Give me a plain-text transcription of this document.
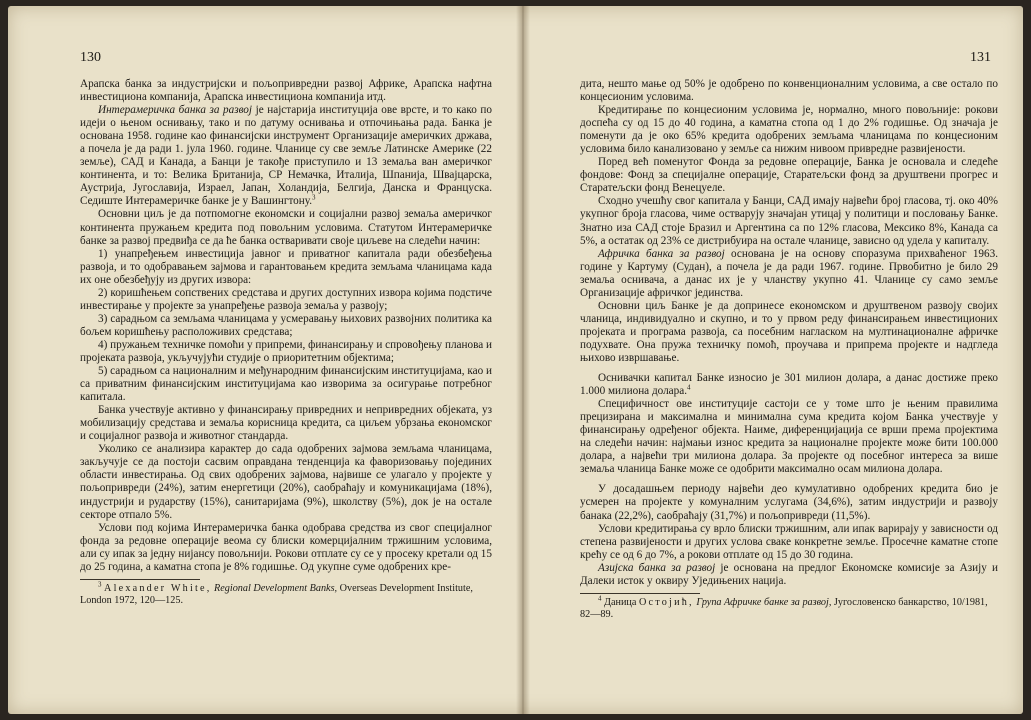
130

Арапска банка за индустријски и пољопривредни развој Африке, Арапска нафтна инвестициона компанија, Арапска инвестициона компанија итд.

Интерамеричка банка за развој је најстарија институција ове врсте, и то како по идеји о њеном оснивању, тако и по датуму оснивања и отпочињања рада. Банка је основана 1958. године као финансијски инструмент Организације америчких држава, а почела је да ради 1. јула 1960. године. Чланице су све земље Латинске Америке (22 земље), САД и Канада, а Банци је такође приступило и 13 земаља ван америчког континента, и то: Велика Британија, СР Немачка, Италија, Шпанија, Швајцарска, Аустрија, Југославија, Израел, Јапан, Холандија, Белгија, Данска и Француска. Седиште Интерамеричке банке је у Вашингтону.$^3$

Основни циљ је да потпомогне економски и социјални развој земаља америчког континента пружањем кредита под повољним условима. Статутом Интерамеричке банке за развој предвиђа се да ће банка остваривати своје циљеве на следећи начин:

1) унапређењем инвестиција јавног и приватног капитала ради обезбеђења развоја, и то одобравањем зајмова и гарантовањем кредита земљама чланицама када их оне обезбеђују из других извора:

2) коришћењем сопствених средстава и других доступних извора којима подстиче инвестирање у пројекте за унапређење развоја земаља у развоју;

3) сарадњом са земљама чланицама у усмеравању њихових развојних политика ка бољем коришћењу расположивих средстава;

4) пружањем техничке помоћи у припреми, финансирању и спровођењу планова и пројеката развоја, укључујући студије о приоритетним објектима;

5) сарадњом са националним и међународним финансијским институцијама, као и са приватним финансијским институцијама као изворима за осигурање потребног капитала.

Банка учествује активно у финансирању привредних и непривредних објеката, уз мобилизацију средстава и земаља корисница кредита, са циљем убрзања економског и социјалног развоја и животног стандарда.

Уколико се анализира карактер до сада одобрених зајмова земљама чланицама, закључује се да постоји сасвим оправдана тенденција ка фаворизовању појединих области инвестирања. Од свих одобрених зајмова, највише се улагало у пројекте у пољопривреди (24%), затим енергетици (20%), саобраћају и комуникацијама (18%), индустрији и рударству (15%), санитаријама (9%), школству (5%), док је на остале секторе отпало 5%.

Услови под којима Интерамеричка банка одобрава средства из свог специјалног фонда за редовне операције веома су блиски комерцијалним тржишним условима, али су ипак за једну нијансу повољнији. Рокови отплате су се у просеку кретали од 15 до 25 година, а каматна стопа је 8% годишње. Од укупне суме одобрених кре-

$^3$ Alexander White, Regional Development Banks, Overseas Development Institute, London 1972, 120—125.

131

дита, нешто мање од 50% је одобрено по конвенционалним условима, а све остало по концесионим условима.

Кредитирање по концесионим условима је, нормално, много повољније: рокови доспећа су од 15 до 40 година, а каматна стопа од 1 до 2% годишње. Од значаја је поменути да је око 65% кредита одобрених земљама чланицама по концесионим условима било канализовано у земље са нижим нивоом привредне развијености.

Поред већ поменутог Фонда за редовне операције, Банка је основала и следеће фондове: Фонд за специјалне операције, Старатељски фонд за друштвени прогрес и Старатељски фонд Венецуеле.

Сходно учешћу свог капитала у Банци, САД имају највећи број гласова, тј. око 40% укупног броја гласова, чиме остварују значајан утицај у политици и пословању Банке. Знатно иза САД стоје Бразил и Аргентина са по 12% гласова, Мексико 8%, Канада са 5%, а остатак од 23% се дистрибуира на остале чланице, зависно од удела у капиталу.

Афричка банка за развој основана је на основу споразума прихваћеног 1963. године у Картуму (Судан), а почела је да ради 1967. године. Првобитно је било 29 земаља оснивача, а данас их је у чланству укупно 41. Чланице су само земље Организације афричког јединства.

Основни циљ Банке је да допринесе економском и друштвеном развоју својих чланица, индивидуално и скупно, и то у првом реду финансирањем инвестиционих пројеката и програма развоја, са посебним нагласком на мултинационалне афричке подухвате. Она пружа техничку помоћ, проучава и припрема пројекте и надгледа њихово извршавање.

Оснивачки капитал Банке износио је 301 милион долара, а данас достиже преко 1.000 милиона долара.$^4$

Специфичност ове институције састоји се у томе што је њеним правилима прецизирана и максимална и минимална сума кредита којом Банка учествује у финансирању одређеног објекта. Наиме, диференцијација се врши према пројектима на следећи начин: најмањи износ кредита за националне пројекте може бити 100.000 долара, а највећи три милиона долара. За пројекте од посебног интереса за више земаља чланица Банке може се одобрити максимално осам милиона долара.

У досадашњем периоду највећи део кумулативно одобрених кредита био је усмерен на пројекте у комуналним услугама (34,6%), затим индустрији и развоју банака (22,2%), саобраћају (31,7%) и пољопривреди (11,5%).

Услови кредитирања су врло блиски тржишним, али ипак варирају у зависности од степена развијености и других услова сваке конкретне земље. Просечне каматне стопе крећу се од 6 до 7%, а рокови отплате од 15 до 30 година.

Азијска банка за развој је основана на предлог Економске комисије за Азију и Далеки исток у оквиру Уједињених нација.

$^4$ Даница Остојић, Група Афричке банке за развој, Југословенско банкарство, 10/1981, 82—89.
